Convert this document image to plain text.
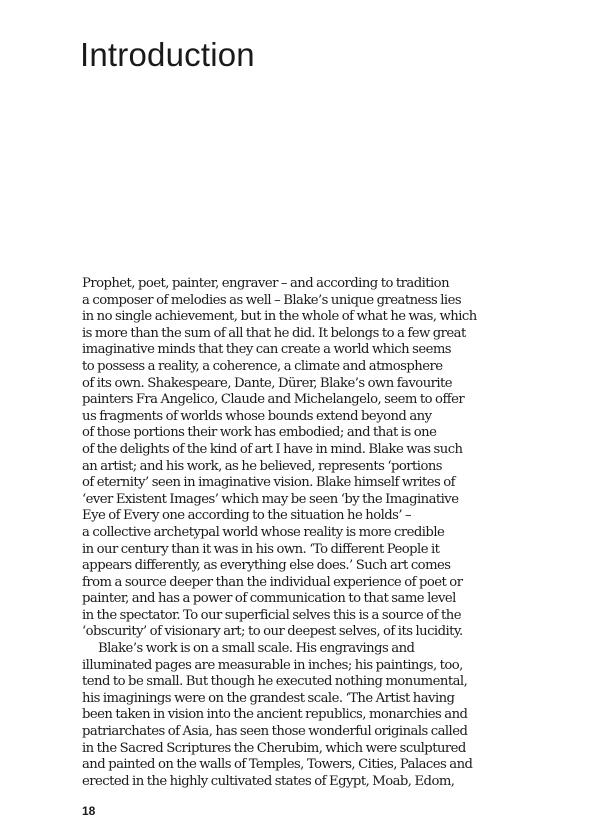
Introduction
Prophet, poet, painter, engraver – and according to tradition
a composer of melodies as well – Blake’s unique greatness lies
in no single achievement, but in the whole of what he was, which
is more than the sum of all that he did. It belongs to a few great
imaginative minds that they can create a world which seems
to possess a reality, a coherence, a climate and atmosphere
of its own. Shakespeare, Dante, Dürer, Blake’s own favourite
painters Fra Angelico, Claude and Michelangelo, seem to offer
us fragments of worlds whose bounds extend beyond any
of those portions their work has embodied; and that is one
of the delights of the kind of art I have in mind. Blake was such
an artist; and his work, as he believed, represents ‘portions
of eternity’ seen in imaginative vision. Blake himself writes of
‘ever Existent Images’ which may be seen ‘by the Imaginative
Eye of Every one according to the situation he holds’ –
a collective archetypal world whose reality is more credible
in our century than it was in his own. ‘To different People it
appears differently, as everything else does.’ Such art comes
from a source deeper than the individual experience of poet or
painter, and has a power of communication to that same level
in the spectator. To our superficial selves this is a source of the
‘obscurity’ of visionary art; to our deepest selves, of its lucidity.
Blake’s work is on a small scale. His engravings and
illuminated pages are measurable in inches; his paintings, too,
tend to be small. But though he executed nothing monumental,
his imaginings were on the grandest scale. ‘The Artist having
been taken in vision into the ancient republics, monarchies and
patriarchates of Asia, has seen those wonderful originals called
in the Sacred Scriptures the Cherubim, which were sculptured
and painted on the walls of Temples, Towers, Cities, Palaces and
erected in the highly cultivated states of Egypt, Moab, Edom,
18
